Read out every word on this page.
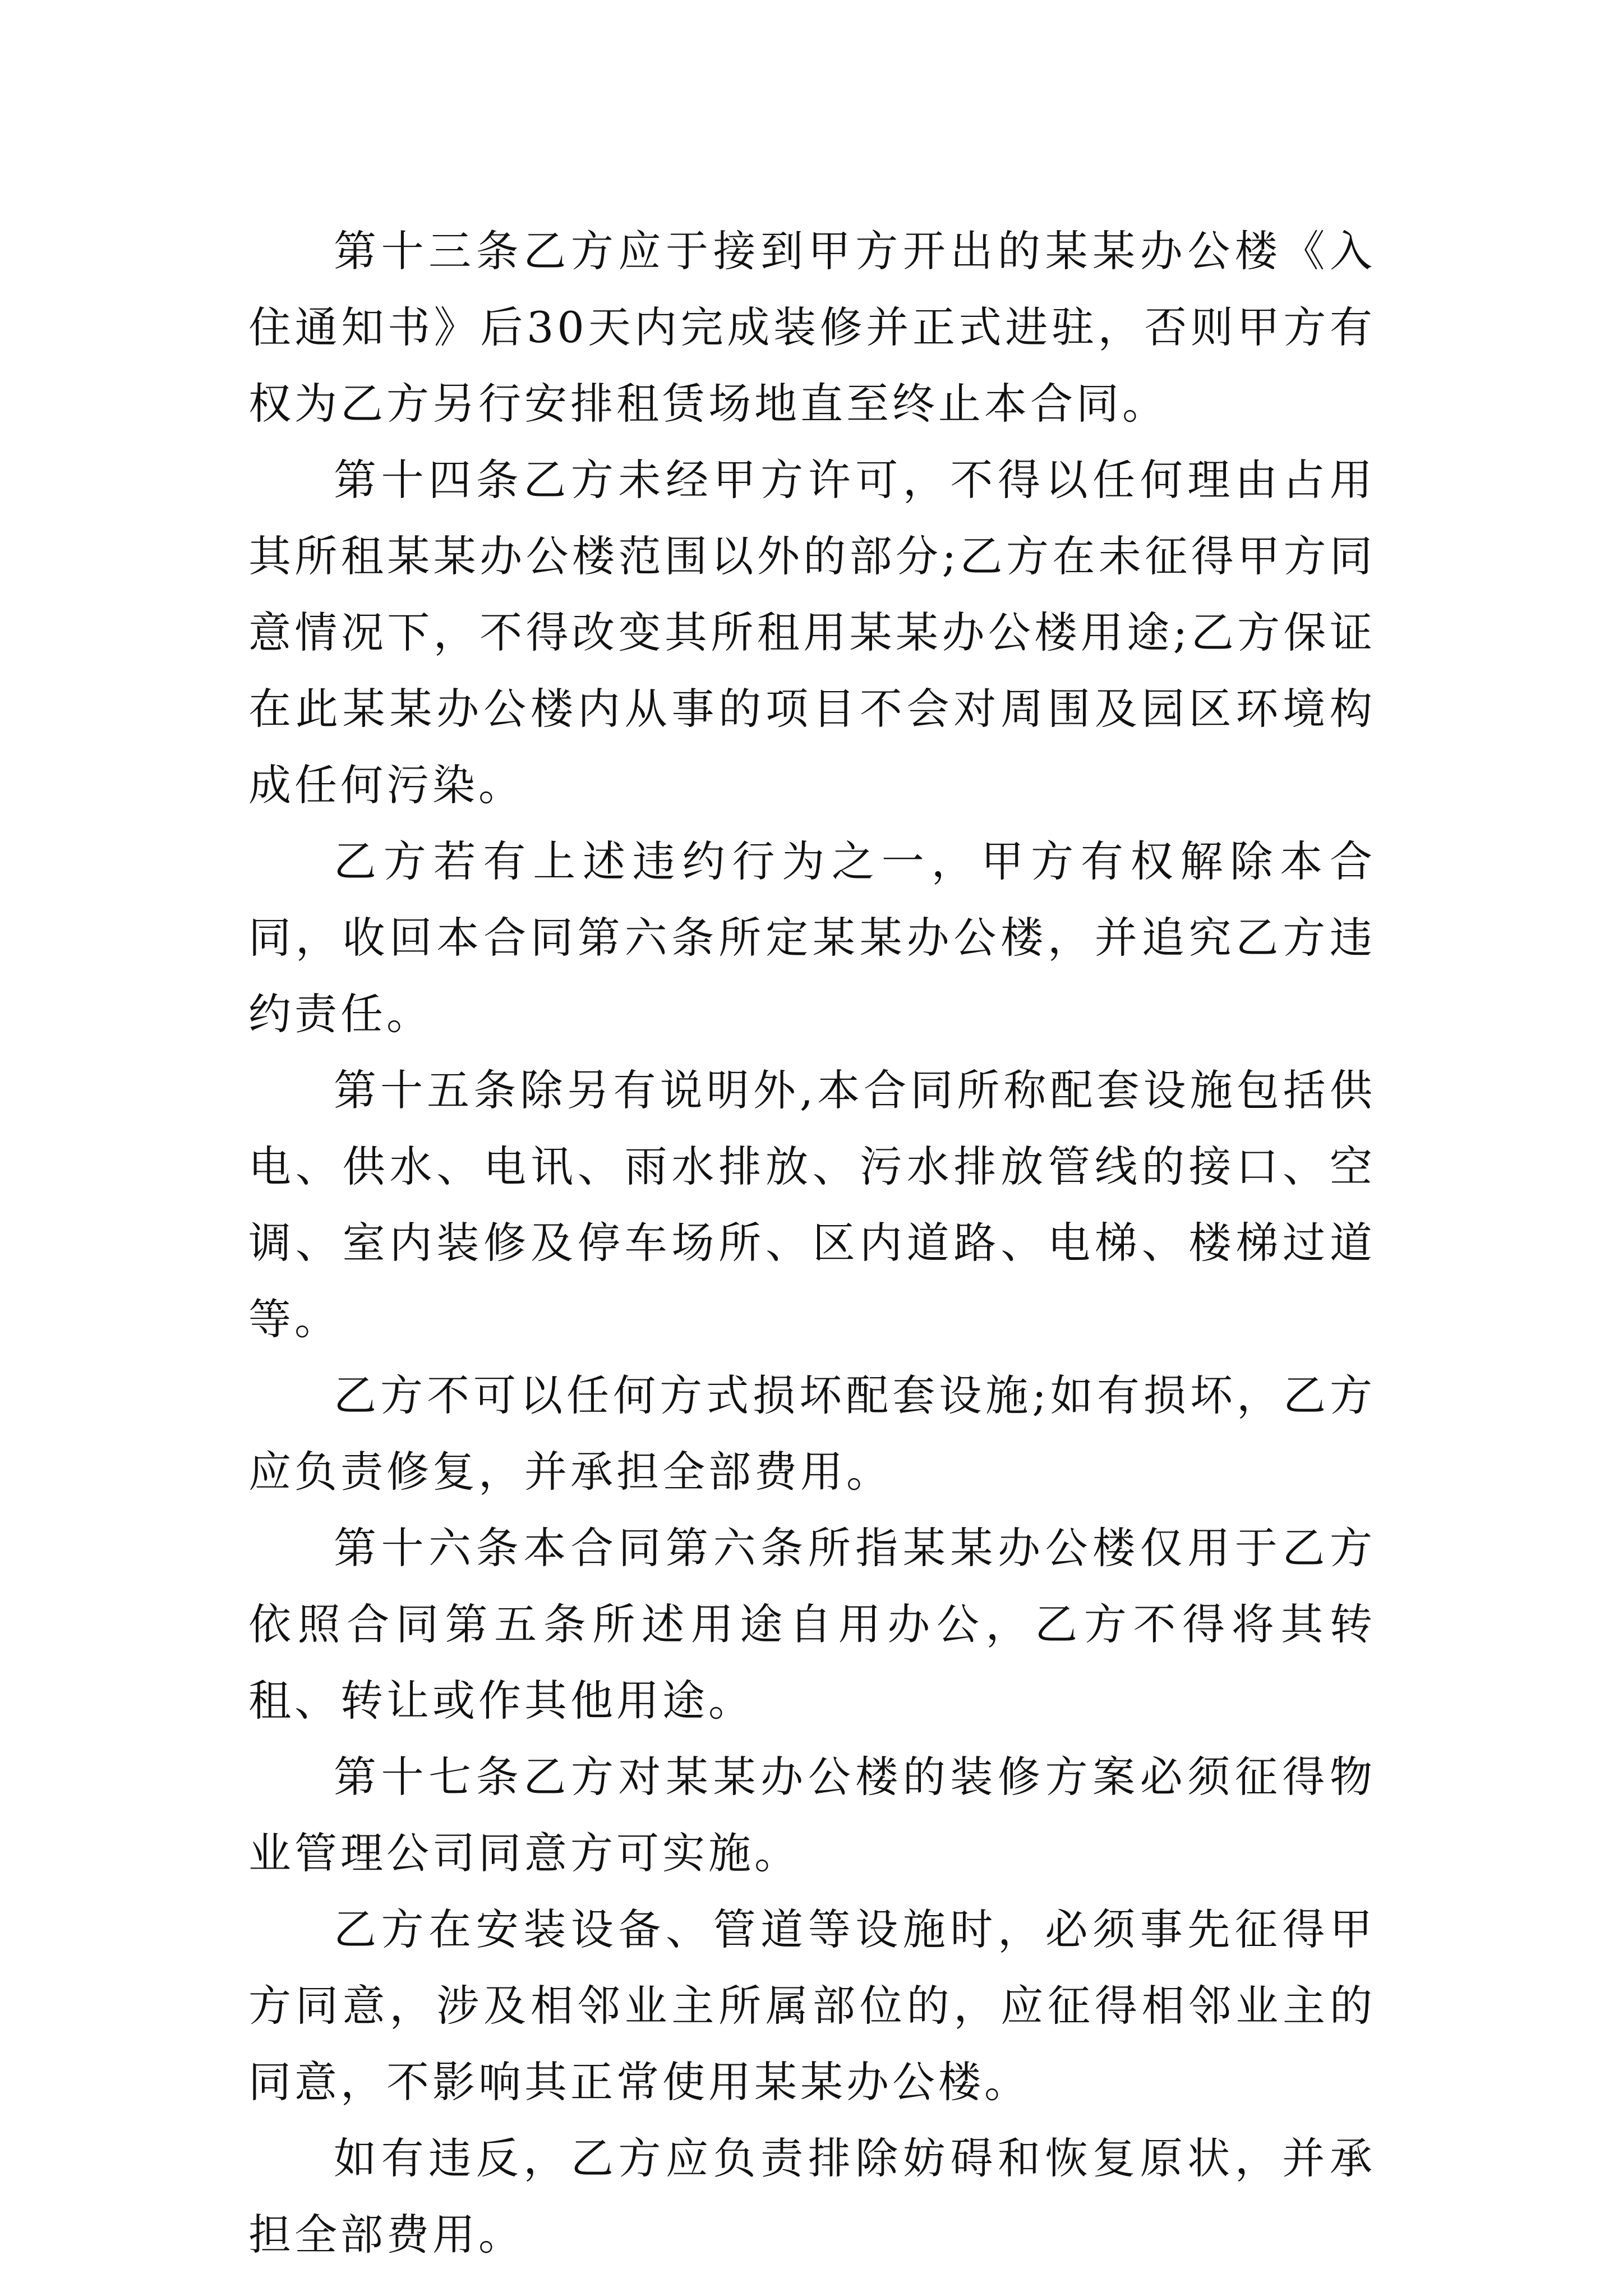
第十三条乙方应于接到甲方开出的某某办公楼《入住通知书》后30天内完成装修并正式进驻，否则甲方有权为乙方另行安排租赁场地直至终止本合同。

第十四条乙方未经甲方许可，不得以任何理由占用其所租某某办公楼范围以外的部分;乙方在未征得甲方同意情况下，不得改变其所租用某某办公楼用途;乙方保证在此某某办公楼内从事的项目不会对周围及园区环境构成任何污染。

乙方若有上述违约行为之一，甲方有权解除本合同，收回本合同第六条所定某某办公楼，并追究乙方违约责任。

第十五条除另有说明外,本合同所称配套设施包括供电、供水、电讯、雨水排放、污水排放管线的接口、空调、室内装修及停车场所、区内道路、电梯、楼梯过道等。

乙方不可以任何方式损坏配套设施;如有损坏，乙方应负责修复，并承担全部费用。

第十六条本合同第六条所指某某办公楼仅用于乙方依照合同第五条所述用途自用办公，乙方不得将其转租、转让或作其他用途。

第十七条乙方对某某办公楼的装修方案必须征得物业管理公司同意方可实施。

乙方在安装设备、管道等设施时，必须事先征得甲方同意，涉及相邻业主所属部位的，应征得相邻业主的同意，不影响其正常使用某某办公楼。

如有违反，乙方应负责排除妨碍和恢复原状，并承担全部费用。
